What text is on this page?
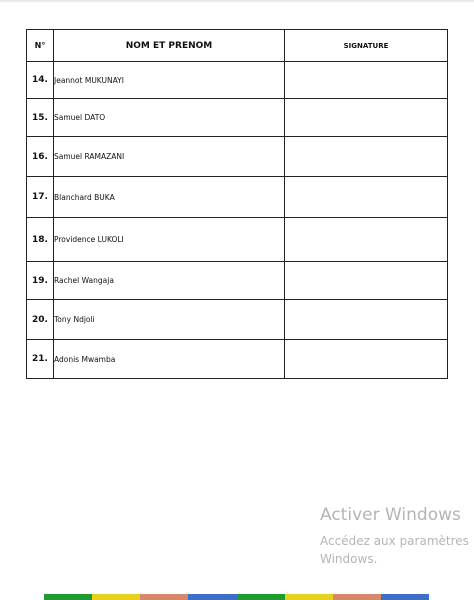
N°	NOM ET PRENOM	SIGNATURE
14.	Jeannot MUKUNAYI	
15.	Samuel DATO	
16.	Samuel RAMAZANI	
17.	Blanchard BUKA	
18.	Providence LUKOLI	
19.	Rachel Wangaja	
20.	Tony Ndjoli	
21.	Adonis Mwamba	
Activer Windows
Accédez aux paramètres
Windows.
